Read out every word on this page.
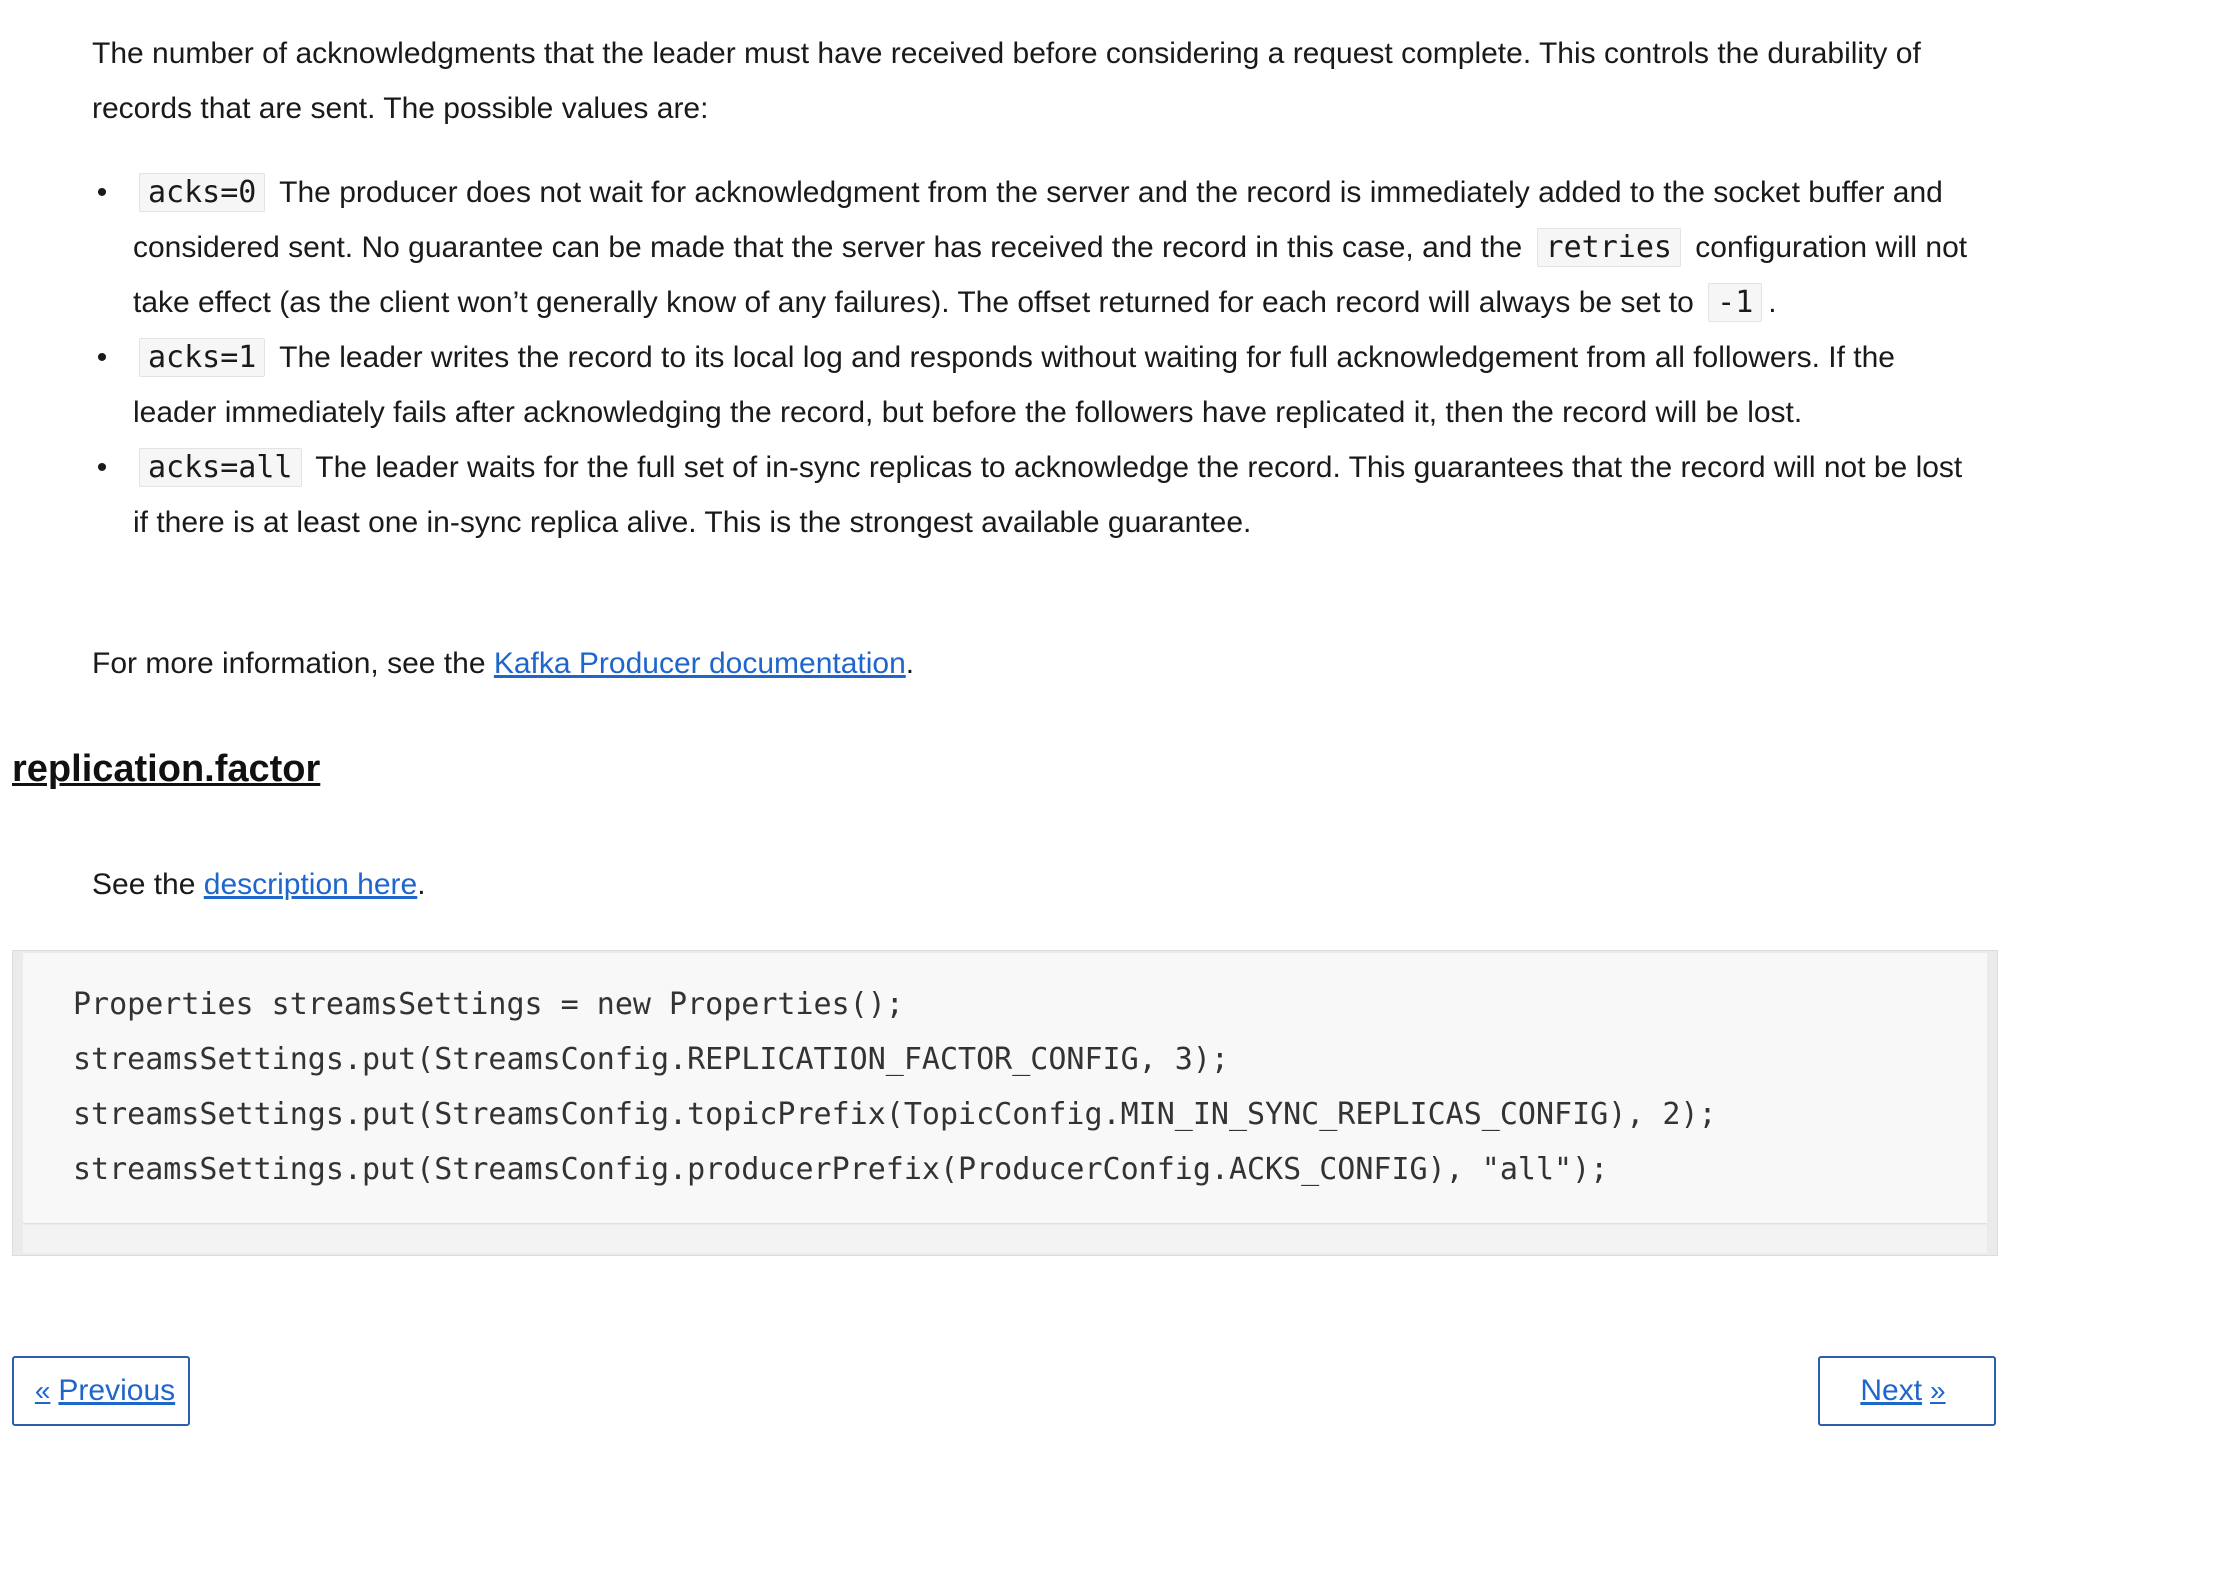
The number of acknowledgments that the leader must have received before considering a request complete. This controls the durability of records that are sent. The possible values are:

• acks=0 The producer does not wait for acknowledgment from the server and the record is immediately added to the socket buffer and considered sent. No guarantee can be made that the server has received the record in this case, and the retries configuration will not take effect (as the client won’t generally know of any failures). The offset returned for each record will always be set to -1 .
• acks=1 The leader writes the record to its local log and responds without waiting for full acknowledgement from all followers. If the leader immediately fails after acknowledging the record, but before the followers have replicated it, then the record will be lost.
• acks=all The leader waits for the full set of in-sync replicas to acknowledge the record. This guarantees that the record will not be lost if there is at least one in-sync replica alive. This is the strongest available guarantee.

For more information, see the Kafka Producer documentation.

replication.factor

See the description here.

Properties streamsSettings = new Properties();
streamsSettings.put(StreamsConfig.REPLICATION_FACTOR_CONFIG, 3);
streamsSettings.put(StreamsConfig.topicPrefix(TopicConfig.MIN_IN_SYNC_REPLICAS_CONFIG), 2);
streamsSettings.put(StreamsConfig.producerPrefix(ProducerConfig.ACKS_CONFIG), "all");
« Previous	Next »
